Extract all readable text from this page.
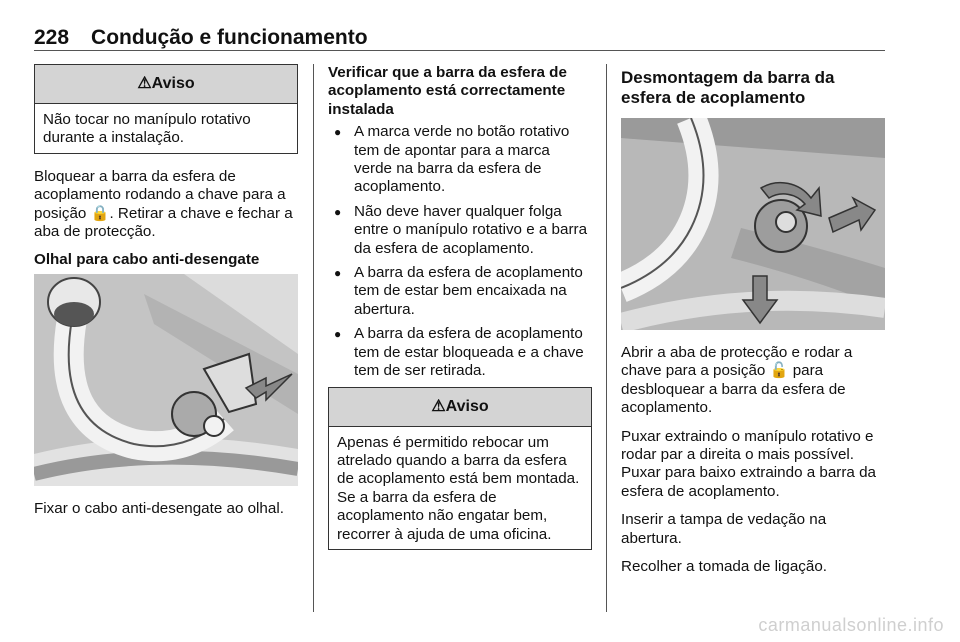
228 Condução e funcionamento
⚠Aviso
Não tocar no manípulo rotativo durante a instalação.

Bloquear a barra da esfera de acoplamento rodando a chave para a posição 🔒. Retirar a chave e fechar a aba de protecção.

Olhal para cabo anti-desengate

Fixar o cabo anti-desengate ao olhal.

Verificar que a barra da esfera de acoplamento está correctamente instalada

● A marca verde no botão rotativo tem de apontar para a marca verde na barra da esfera de acoplamento.
● Não deve haver qualquer folga entre o manípulo rotativo e a barra da esfera de acoplamento.
● A barra da esfera de acoplamento tem de estar bem encaixada na abertura.
● A barra da esfera de acoplamento tem de estar bloqueada e a chave tem de ser retirada.
⚠Aviso
Apenas é permitido rebocar um atrelado quando a barra da esfera de acoplamento está bem montada. Se a barra da esfera de acoplamento não engatar bem, recorrer à ajuda de uma oficina.

Desmontagem da barra da esfera de acoplamento

Abrir a aba de protecção e rodar a chave para a posição 🔓 para desbloquear a barra da esfera de acoplamento.

Puxar extraindo o manípulo rotativo e rodar par a direita o mais possível. Puxar para baixo extraindo a barra da esfera de acoplamento.

Inserir a tampa de vedação na abertura.

Recolher a tomada de ligação.

carmanualsonline.info
